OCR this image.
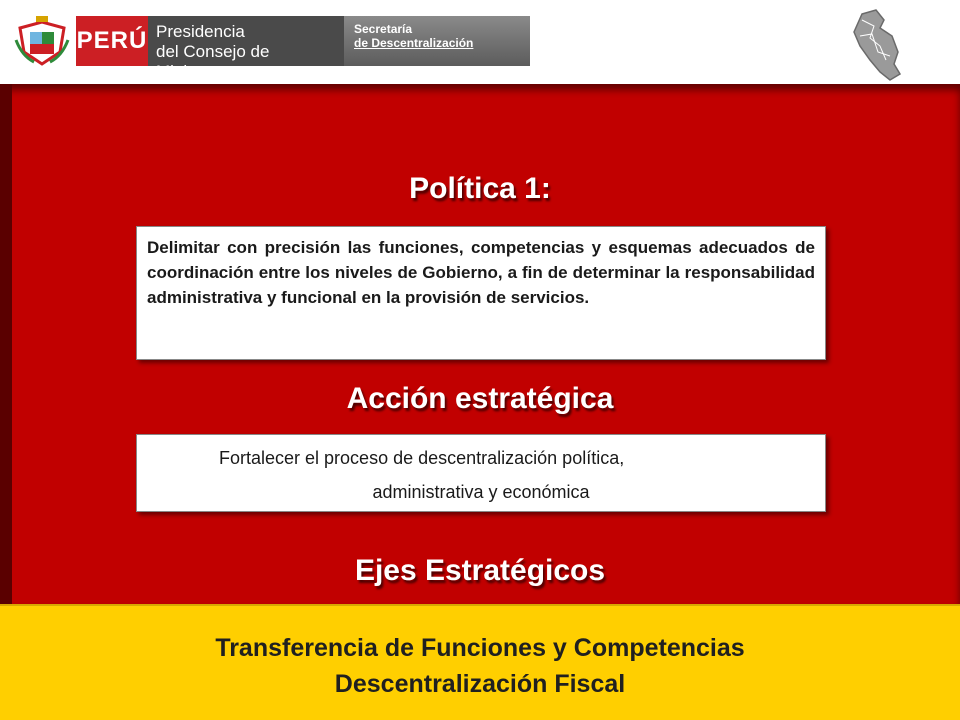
PERÚ Presidencia
del Consejo de Ministros
Secretaría
de Descentralización
Política 1:
Delimitar con precisión las funciones, competencias y esquemas adecuados de coordinación entre los niveles de Gobierno, a fin de determinar la responsabilidad administrativa y funcional en la provisión de servicios.
Acción estratégica
Fortalecer el proceso de descentralización política,
administrativa y económica
Ejes Estratégicos
Transferencia de Funciones y Competencias
Descentralización Fiscal
